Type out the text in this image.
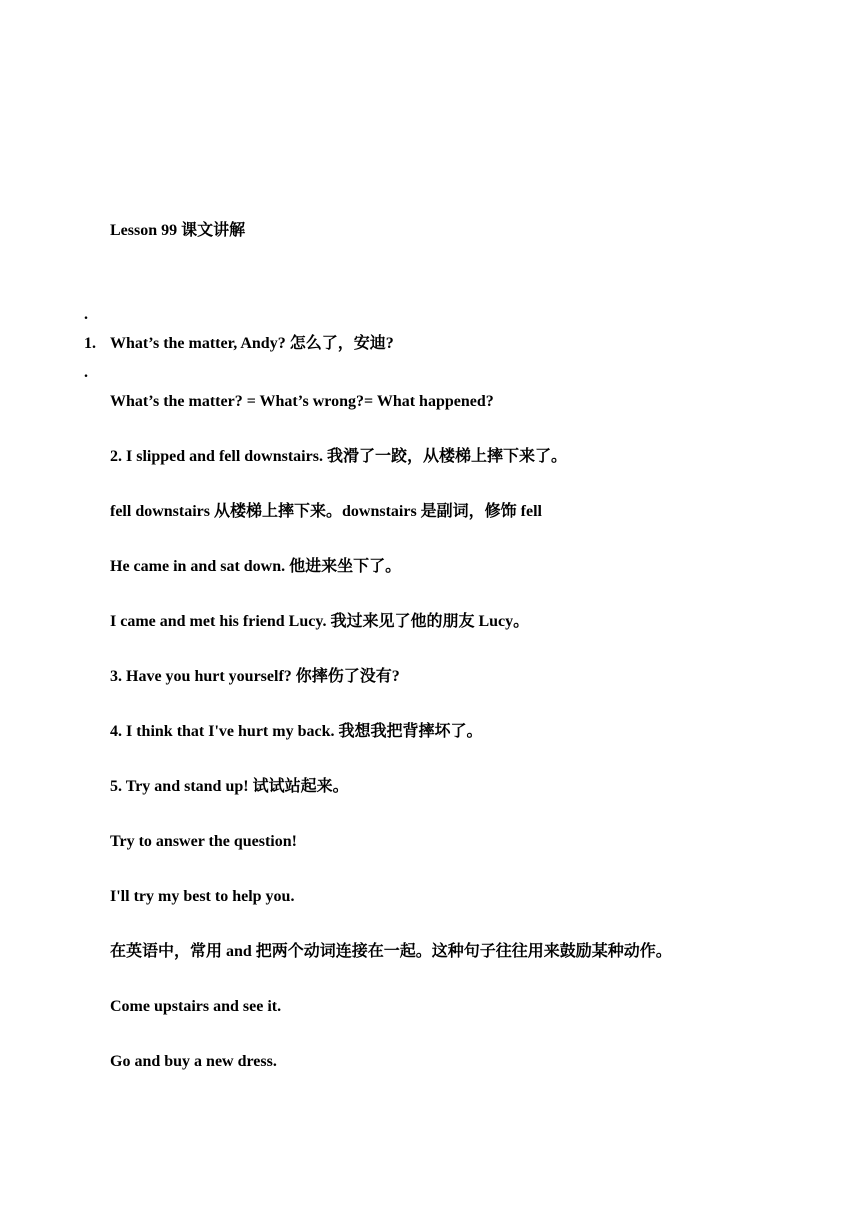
Lesson 99 课文讲解
.
1. What’s the matter, Andy? 怎么了，安迪?
.
What’s the matter? = What’s wrong?= What happened?
2. I slipped and fell downstairs. 我滑了一跤，从楼梯上摔下来了。
fell downstairs 从楼梯上摔下来。downstairs 是副词，修饰 fell
He came in and sat down. 他进来坐下了。
I came and met his friend Lucy. 我过来见了他的朋友 Lucy。
3. Have you hurt yourself? 你摔伤了没有?
4. I think that I've hurt my back. 我想我把背摔坏了。
5. Try and stand up! 试试站起来。
Try to answer the question!
I'll try my best to help you.
在英语中，常用 and 把两个动词连接在一起。这种句子往往用来鼓励某种动作。
Come upstairs and see it.
Go and buy a new dress.
